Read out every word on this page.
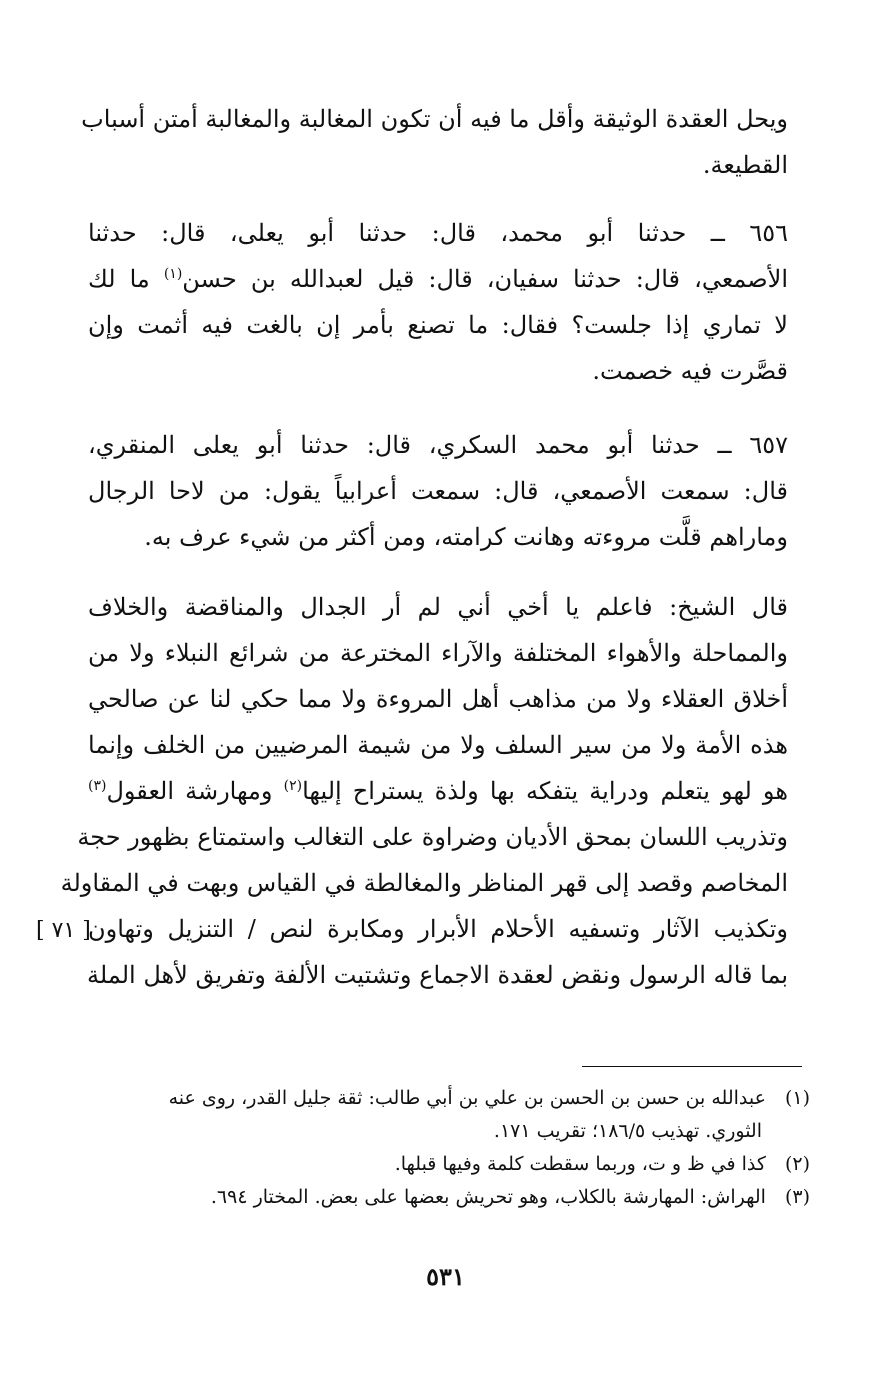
ويحل العقدة الوثيقة وأقل ما فيه أن تكون المغالبة والمغالبة أمتن أسباب
القطيعة.
٦٥٦ ــ حدثنا أبو محمد، قال: حدثنا أبو يعلى، قال: حدثنا
الأصمعي، قال: حدثنا سفيان، قال: قيل لعبدالله بن حسن$^{(١)}$ ما لك
لا تماري إذا جلست؟ فقال: ما تصنع بأمر إن بالغت فيه أثمت وإن
قصَّرت فيه خصمت.
٦٥٧ ــ حدثنا أبو محمد السكري، قال: حدثنا أبو يعلى المنقري،
قال: سمعت الأصمعي، قال: سمعت أعرابياً يقول: من لاحا الرجال
وماراهم قلَّت مروءته وهانت كرامته، ومن أكثر من شيء عرف به.
قال الشيخ: فاعلم يا أخي أني لم أر الجدال والمناقضة والخلاف
والمماحلة والأهواء المختلفة والآراء المخترعة من شرائع النبلاء ولا من
أخلاق العقلاء ولا من مذاهب أهل المروءة ولا مما حكي لنا عن صالحي
هذه الأمة ولا من سير السلف ولا من شيمة المرضيين من الخلف وإنما
هو لهو يتعلم ودراية يتفكه بها ولذة يستراح إليها$^{(٢)}$ ومهارشة العقول$^{(٣)}$
وتذريب اللسان بمحق الأديان وضراوة على التغالب واستمتاع بظهور حجة
المخاصم وقصد إلى قهر المناظر والمغالطة في القياس وبهت في المقاولة
وتكذيب الآثار وتسفيه الأحلام الأبرار ومكابرة لنص / التنزيل وتهاون
بما قاله الرسول ونقض لعقدة الاجماع وتشتيت الألفة وتفريق لأهل الملة
[ ٧١ ]
(١) عبدالله بن حسن بن الحسن بن علي بن أبي طالب: ثقة جليل القدر، روى عنه
الثوري. تهذيب ١٨٦/٥؛ تقريب ١٧١.
(٢) كذا في ظ و ت، وربما سقطت كلمة وفيها قبلها.
(٣) الهراش: المهارشة بالكلاب، وهو تحريش بعضها على بعض. المختار ٦٩٤.
٥٣١
